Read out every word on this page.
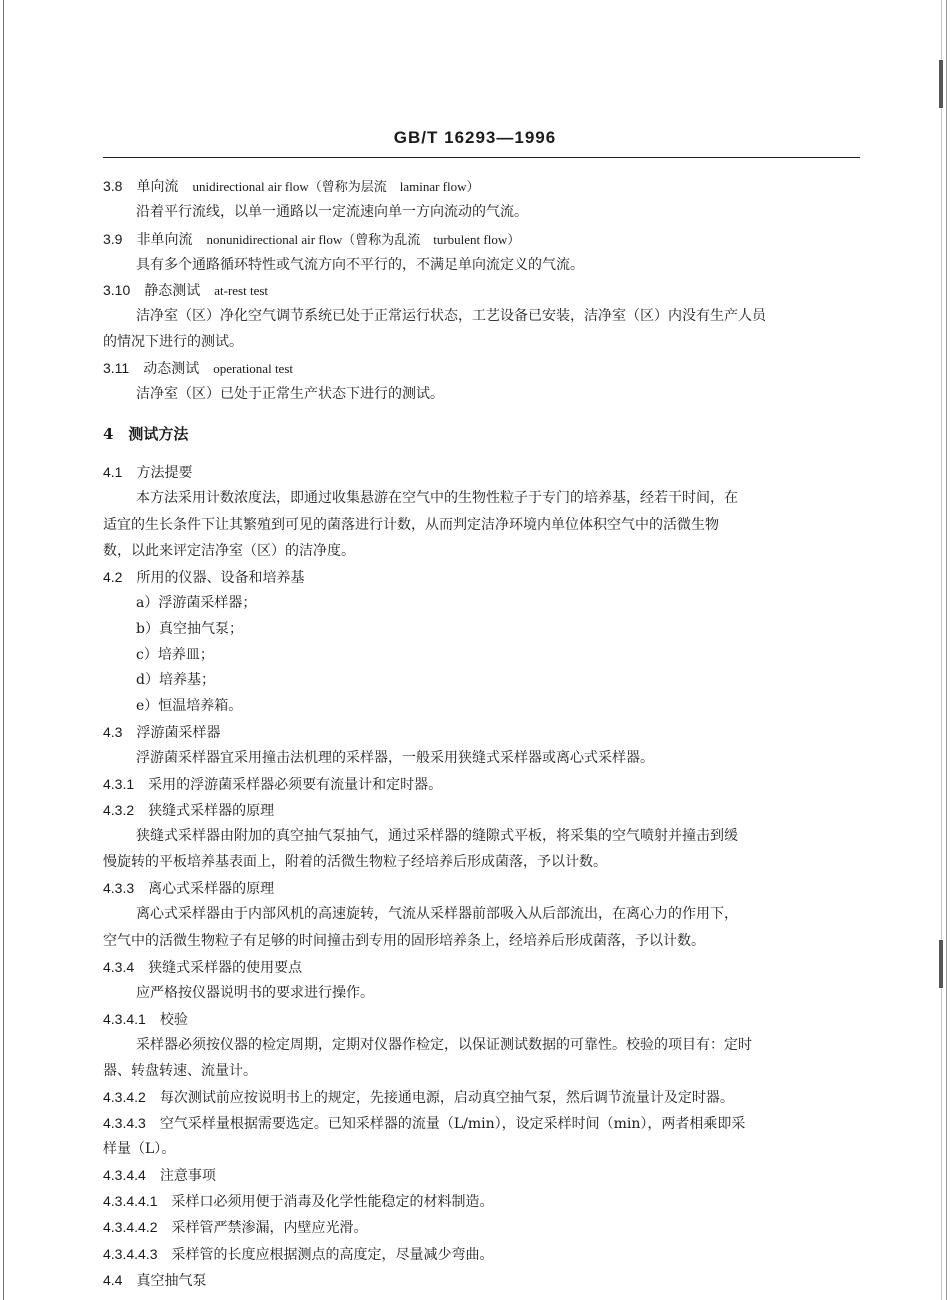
GB/T 16293—1996
3.8 单向流　 unidirectional air flow（曾称为层流　laminar flow）
沿着平行流线，以单一通路以一定流速向单一方向流动的气流。
3.9 非单向流　 nonunidirectional air flow（曾称为乱流　turbulent flow）
具有多个通路循环特性或气流方向不平行的，不满足单向流定义的气流。
3.10 静态测试　 at-rest test
洁净室（区）净化空气调节系统已处于正常运行状态，工艺设备已安装，洁净室（区）内没有生产人员
的情况下进行的测试。
3.11 动态测试　 operational test
洁净室（区）已处于正常生产状态下进行的测试。
4　测试方法
4.1 方法提要
本方法采用计数浓度法，即通过收集悬游在空气中的生物性粒子于专门的培养基，经若干时间，在
适宜的生长条件下让其繁殖到可见的菌落进行计数，从而判定洁净环境内单位体积空气中的活微生物
数，以此来评定洁净室（区）的洁净度。
4.2 所用的仪器、设备和培养基
a）浮游菌采样器；
b）真空抽气泵；
c）培养皿；
d）培养基；
e）恒温培养箱。
4.3 浮游菌采样器
浮游菌采样器宜采用撞击法机理的采样器，一般采用狭缝式采样器或离心式采样器。
4.3.1 采用的浮游菌采样器必须要有流量计和定时器。
4.3.2 狭缝式采样器的原理
狭缝式采样器由附加的真空抽气泵抽气，通过采样器的缝隙式平板，将采集的空气喷射并撞击到缓
慢旋转的平板培养基表面上，附着的活微生物粒子经培养后形成菌落，予以计数。
4.3.3 离心式采样器的原理
离心式采样器由于内部风机的高速旋转，气流从采样器前部吸入从后部流出，在离心力的作用下，
空气中的活微生物粒子有足够的时间撞击到专用的固形培养条上，经培养后形成菌落，予以计数。
4.3.4 狭缝式采样器的使用要点
应严格按仪器说明书的要求进行操作。
4.3.4.1 校验
采样器必须按仪器的检定周期，定期对仪器作检定，以保证测试数据的可靠性。校验的项目有：定时
器、转盘转速、流量计。
4.3.4.2 每次测试前应按说明书上的规定，先接通电源，启动真空抽气泵，然后调节流量计及定时器。
4.3.4.3 空气采样量根据需要选定。已知采样器的流量（L/min），设定采样时间（min），两者相乘即采
样量（L）。
4.3.4.4 注意事项
4.3.4.4.1 采样口必须用便于消毒及化学性能稳定的材料制造。
4.3.4.4.2 采样管严禁渗漏，内壁应光滑。
4.3.4.4.3 采样管的长度应根据测点的高度定，尽量减少弯曲。
4.4 真空抽气泵
